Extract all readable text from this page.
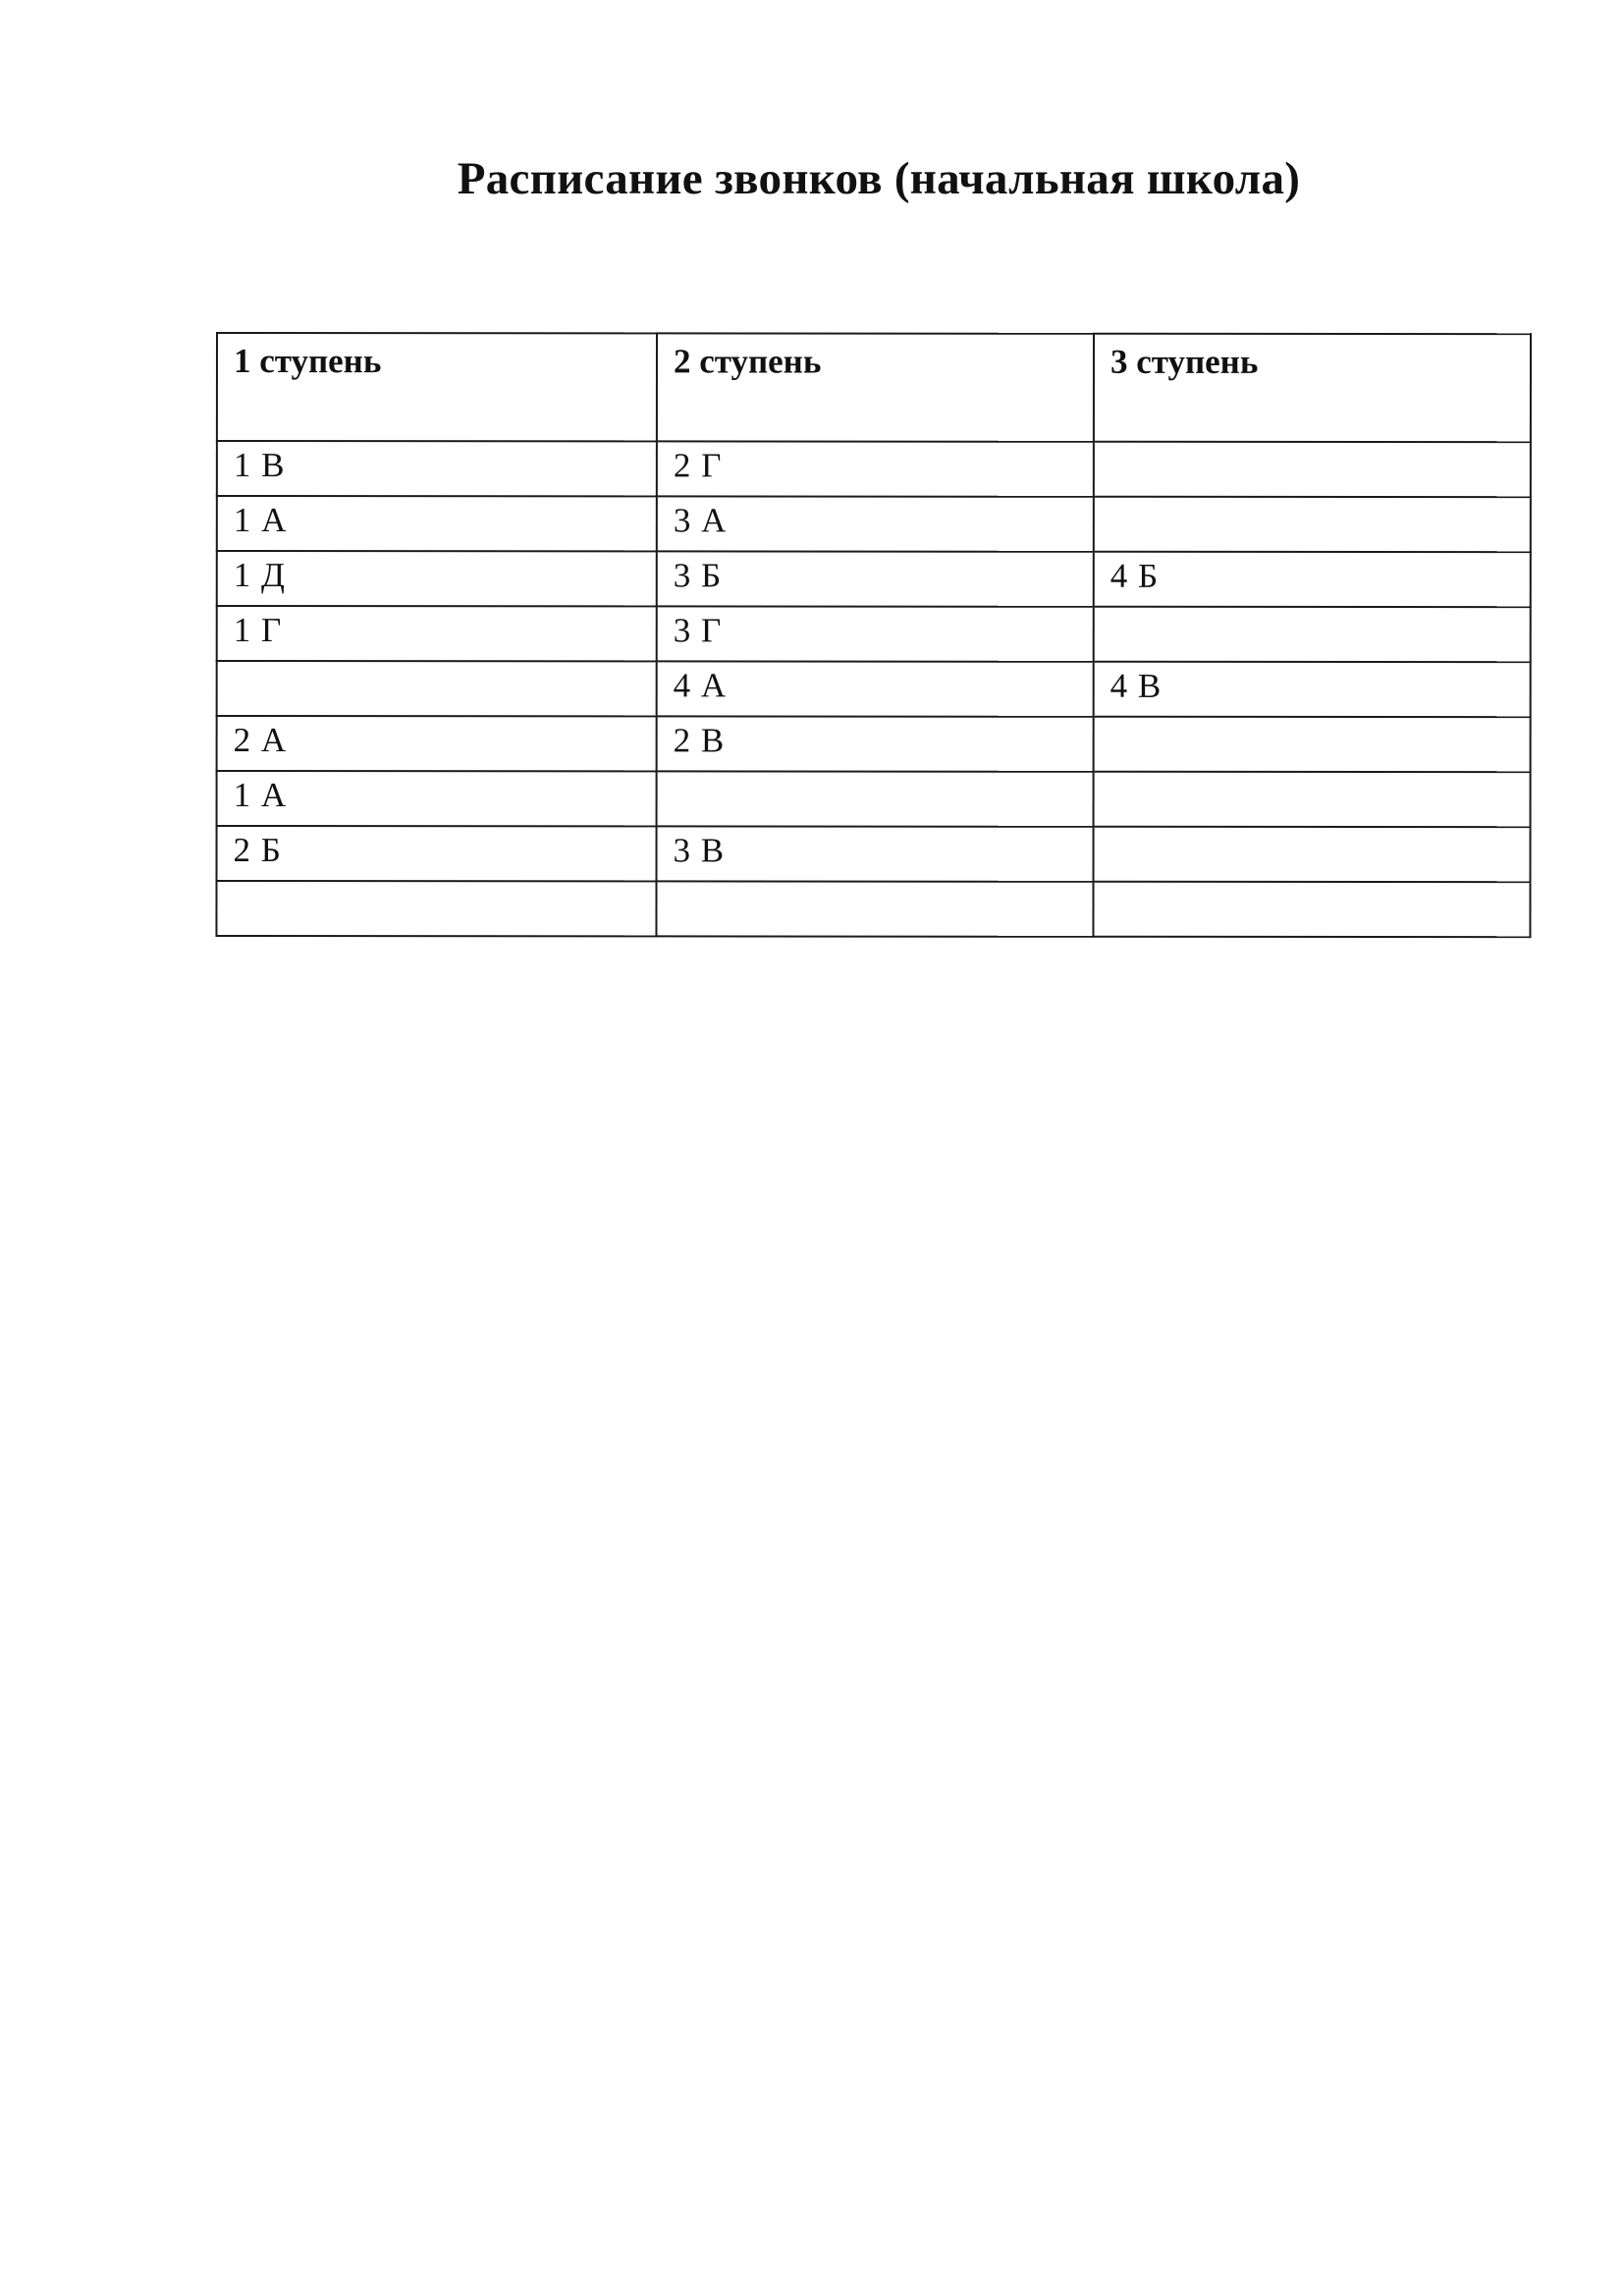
Расписание звонков (начальная школа)
1 ступень	2 ступень	3 ступень
1 В	2 Г	
1 А	3 А	
1 Д	3 Б	4 Б
1 Г	3 Г	
	4 А	4 В
2 А	2 В	
1 А		
2 Б	3 В	
